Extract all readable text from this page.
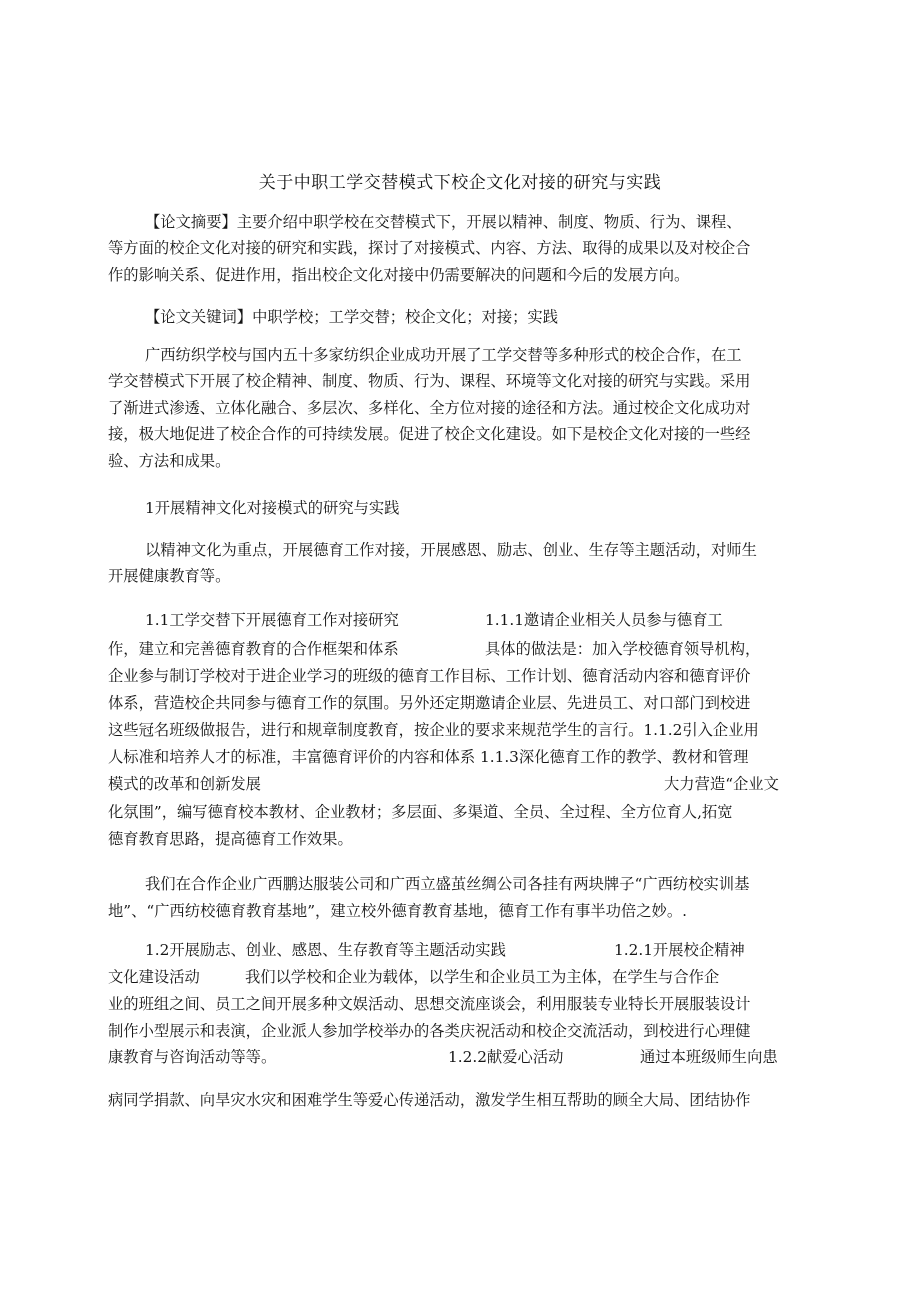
关于中职工学交替模式下校企文化对接的研究与实践
【论文摘要】主要介绍中职学校在交替模式下，开展以精神、制度、物质、行为、课程、
等方面的校企文化对接的研究和实践，探讨了对接模式、内容、方法、取得的成果以及对校企合
作的影响关系、促进作用，指出校企文化对接中仍需要解决的问题和今后的发展方向。
【论文关键词】中职学校；工学交替；校企文化；对接；实践
广西纺织学校与国内五十多家纺织企业成功开展了工学交替等多种形式的校企合作，在工
学交替模式下开展了校企精神、制度、物质、行为、课程、环境等文化对接的研究与实践。采用
了渐进式渗透、立体化融合、多层次、多样化、全方位对接的途径和方法。通过校企文化成功对
接，极大地促进了校企合作的可持续发展。促进了校企文化建设。如下是校企文化对接的一些经
验、方法和成果。
1开展精神文化对接模式的研究与实践
以精神文化为重点，开展德育工作对接，开展感恩、励志、创业、生存等主题活动，对师生
开展健康教育等。
1.1工学交替下开展德育工作对接研究	1.1.1邀请企业相关人员参与德育工
作，建立和完善德育教育的合作框架和体系	具体的做法是：加入学校德育领导机构，
企业参与制订学校对于进企业学习的班级的德育工作目标、工作计划、德育活动内容和德育评价
体系，营造校企共同参与德育工作的氛围。另外还定期邀请企业层、先进员工、对口部门到校进
这些冠名班级做报告，进行和规章制度教育，按企业的要求来规范学生的言行。1.1.2引入企业用
人标准和培养人才的标准，丰富德育评价的内容和体系 1.1.3深化德育工作的教学、教材和管理
模式的改革和创新发展	大力营造“企业文
化氛围”，编写德育校本教材、企业教材；多层面、多渠道、全员、全过程、全方位育人,拓宽
德育教育思路，提高德育工作效果。
我们在合作企业广西鹏达服装公司和广西立盛茧丝绸公司各挂有两块牌子“广西纺校实训基
地”、“广西纺校德育教育基地”，建立校外德育教育基地，德育工作有事半功倍之妙。.
1.2开展励志、创业、感恩、生存教育等主题活动实践	1.2.1开展校企精神
文化建设活动	我们以学校和企业为载体，以学生和企业员工为主体，在学生与合作企
业的班组之间、员工之间开展多种文娱活动、思想交流座谈会，利用服装专业特长开展服装设计
制作小型展示和表演，企业派人参加学校举办的各类庆祝活动和校企交流活动，到校进行心理健
康教育与咨询活动等等。	1.2.2献爱心活动	通过本班级师生向患
病同学捐款、向旱灾水灾和困难学生等爱心传递活动，激发学生相互帮助的顾全大局、团结协作
